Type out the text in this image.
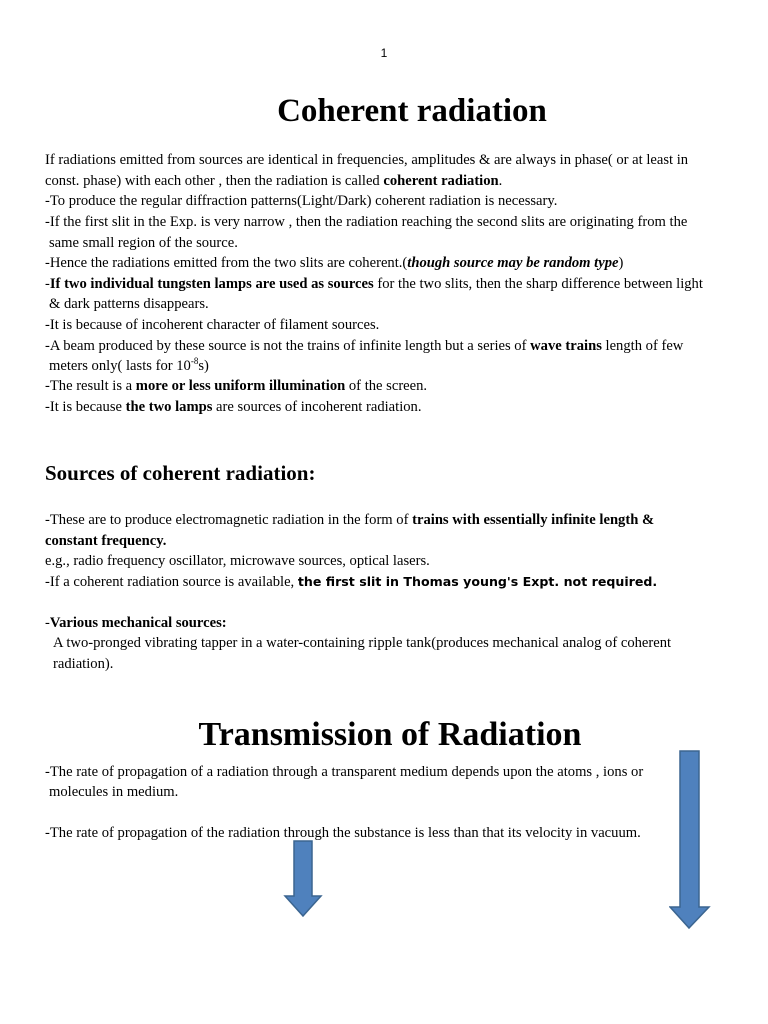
1
Coherent radiation
If radiations emitted from sources are identical in frequencies, amplitudes & are always in phase( or at least in
const. phase) with each other , then the radiation is called coherent radiation.
-To produce the regular diffraction patterns(Light/Dark) coherent radiation is necessary.
-If the first slit in the Exp. is very narrow , then the radiation reaching the second slits are originating from the
same small region of the source.
-Hence the radiations emitted from the two slits are coherent.(though source may be random type)
-If two individual tungsten lamps are used as sources for the two slits, then the sharp difference between light
& dark patterns disappears.
-It is because of incoherent character of filament sources.
-A beam produced by these source is not the trains of infinite length but a series of wave trains length of few
meters only( lasts for $10^{-8}s$)
-The result is a more or less uniform illumination of the screen.
-It is because the two lamps are sources of incoherent radiation.
Sources of coherent radiation:
-These are to produce electromagnetic radiation in the form of trains with essentially infinite length &
constant frequency.
e.g., radio frequency oscillator, microwave sources, optical lasers.
-If a coherent radiation source is available, the first slit in Thomas young's Expt. not required.
-Various mechanical sources:
A two-pronged vibrating tapper in a water-containing ripple tank(produces mechanical analog of coherent
radiation).
Transmission of Radiation
-The rate of propagation of a radiation through a transparent medium depends upon the atoms , ions or
molecules in medium.
-The rate of propagation of the radiation through the substance is less than that its velocity in vacuum.
